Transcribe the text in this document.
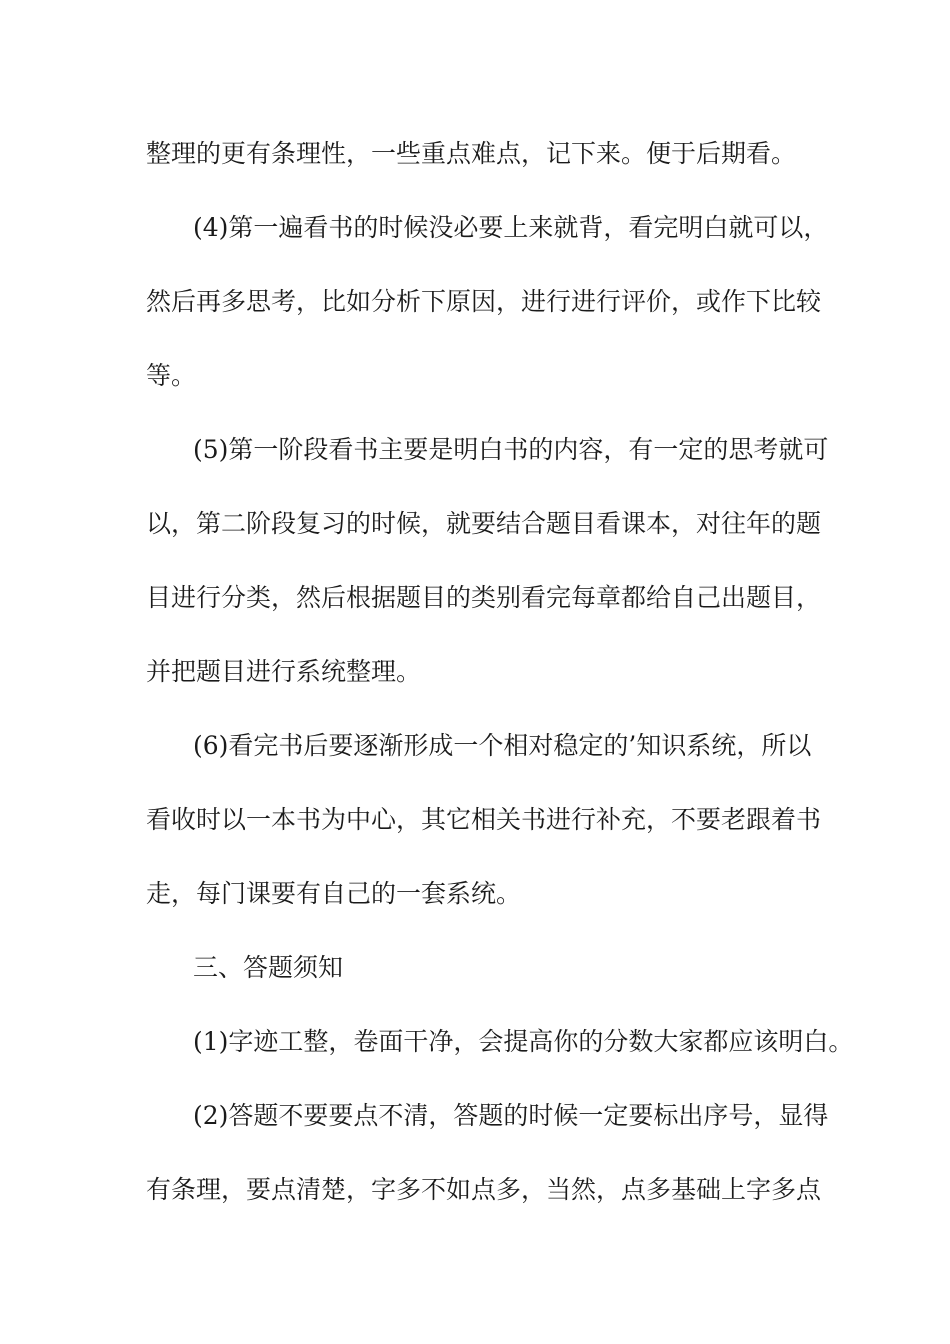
整理的更有条理性，一些重点难点，记下来。便于后期看。
(4)第一遍看书的时候没必要上来就背，看完明白就可以，
然后再多思考，比如分析下原因，进行进行评价，或作下比较
等。
(5)第一阶段看书主要是明白书的内容，有一定的思考就可
以，第二阶段复习的时候，就要结合题目看课本，对往年的题
目进行分类，然后根据题目的类别看完每章都给自己出题目，
并把题目进行系统整理。
(6)看完书后要逐渐形成一个相对稳定的’知识系统，所以
看收时以一本书为中心，其它相关书进行补充，不要老跟着书
走，每门课要有自己的一套系统。
三、答题须知
(1)字迹工整，卷面干净，会提高你的分数大家都应该明白。
(2)答题不要要点不清，答题的时候一定要标出序号，显得
有条理，要点清楚，字多不如点多，当然，点多基础上字多点
